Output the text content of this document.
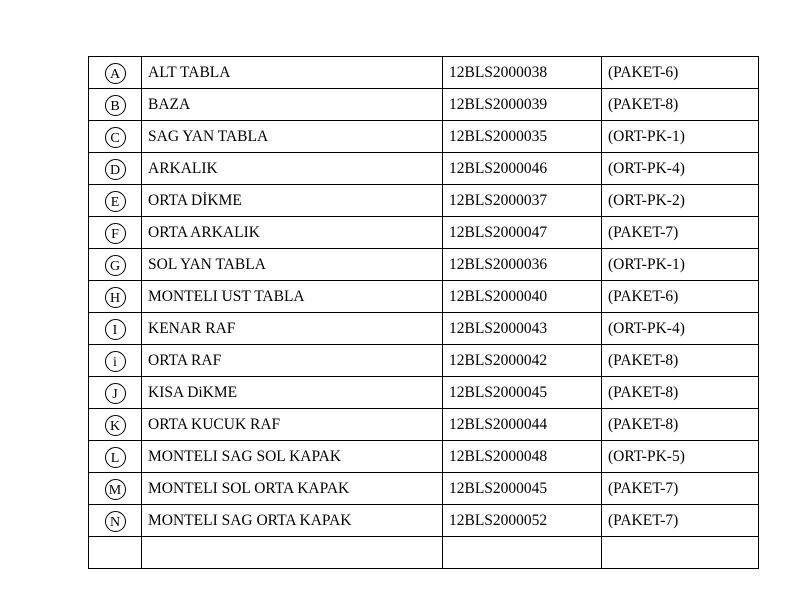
A	ALT TABLA	12BLS2000038	(PAKET-6)
B	BAZA	12BLS2000039	(PAKET-8)
C	SAG YAN TABLA	12BLS2000035	(ORT-PK-1)
D	ARKALIK	12BLS2000046	(ORT-PK-4)
E	ORTA DİKME	12BLS2000037	(ORT-PK-2)
F	ORTA ARKALIK	12BLS2000047	(PAKET-7)
G	SOL YAN TABLA	12BLS2000036	(ORT-PK-1)
H	MONTELI UST TABLA	12BLS2000040	(PAKET-6)
I	KENAR RAF	12BLS2000043	(ORT-PK-4)
i	ORTA RAF	12BLS2000042	(PAKET-8)
J	KISA DiKME	12BLS2000045	(PAKET-8)
K	ORTA KUCUK RAF	12BLS2000044	(PAKET-8)
L	MONTELI SAG SOL KAPAK	12BLS2000048	(ORT-PK-5)
M	MONTELI SOL ORTA KAPAK	12BLS2000045	(PAKET-7)
N	MONTELI SAG ORTA KAPAK	12BLS2000052	(PAKET-7)
